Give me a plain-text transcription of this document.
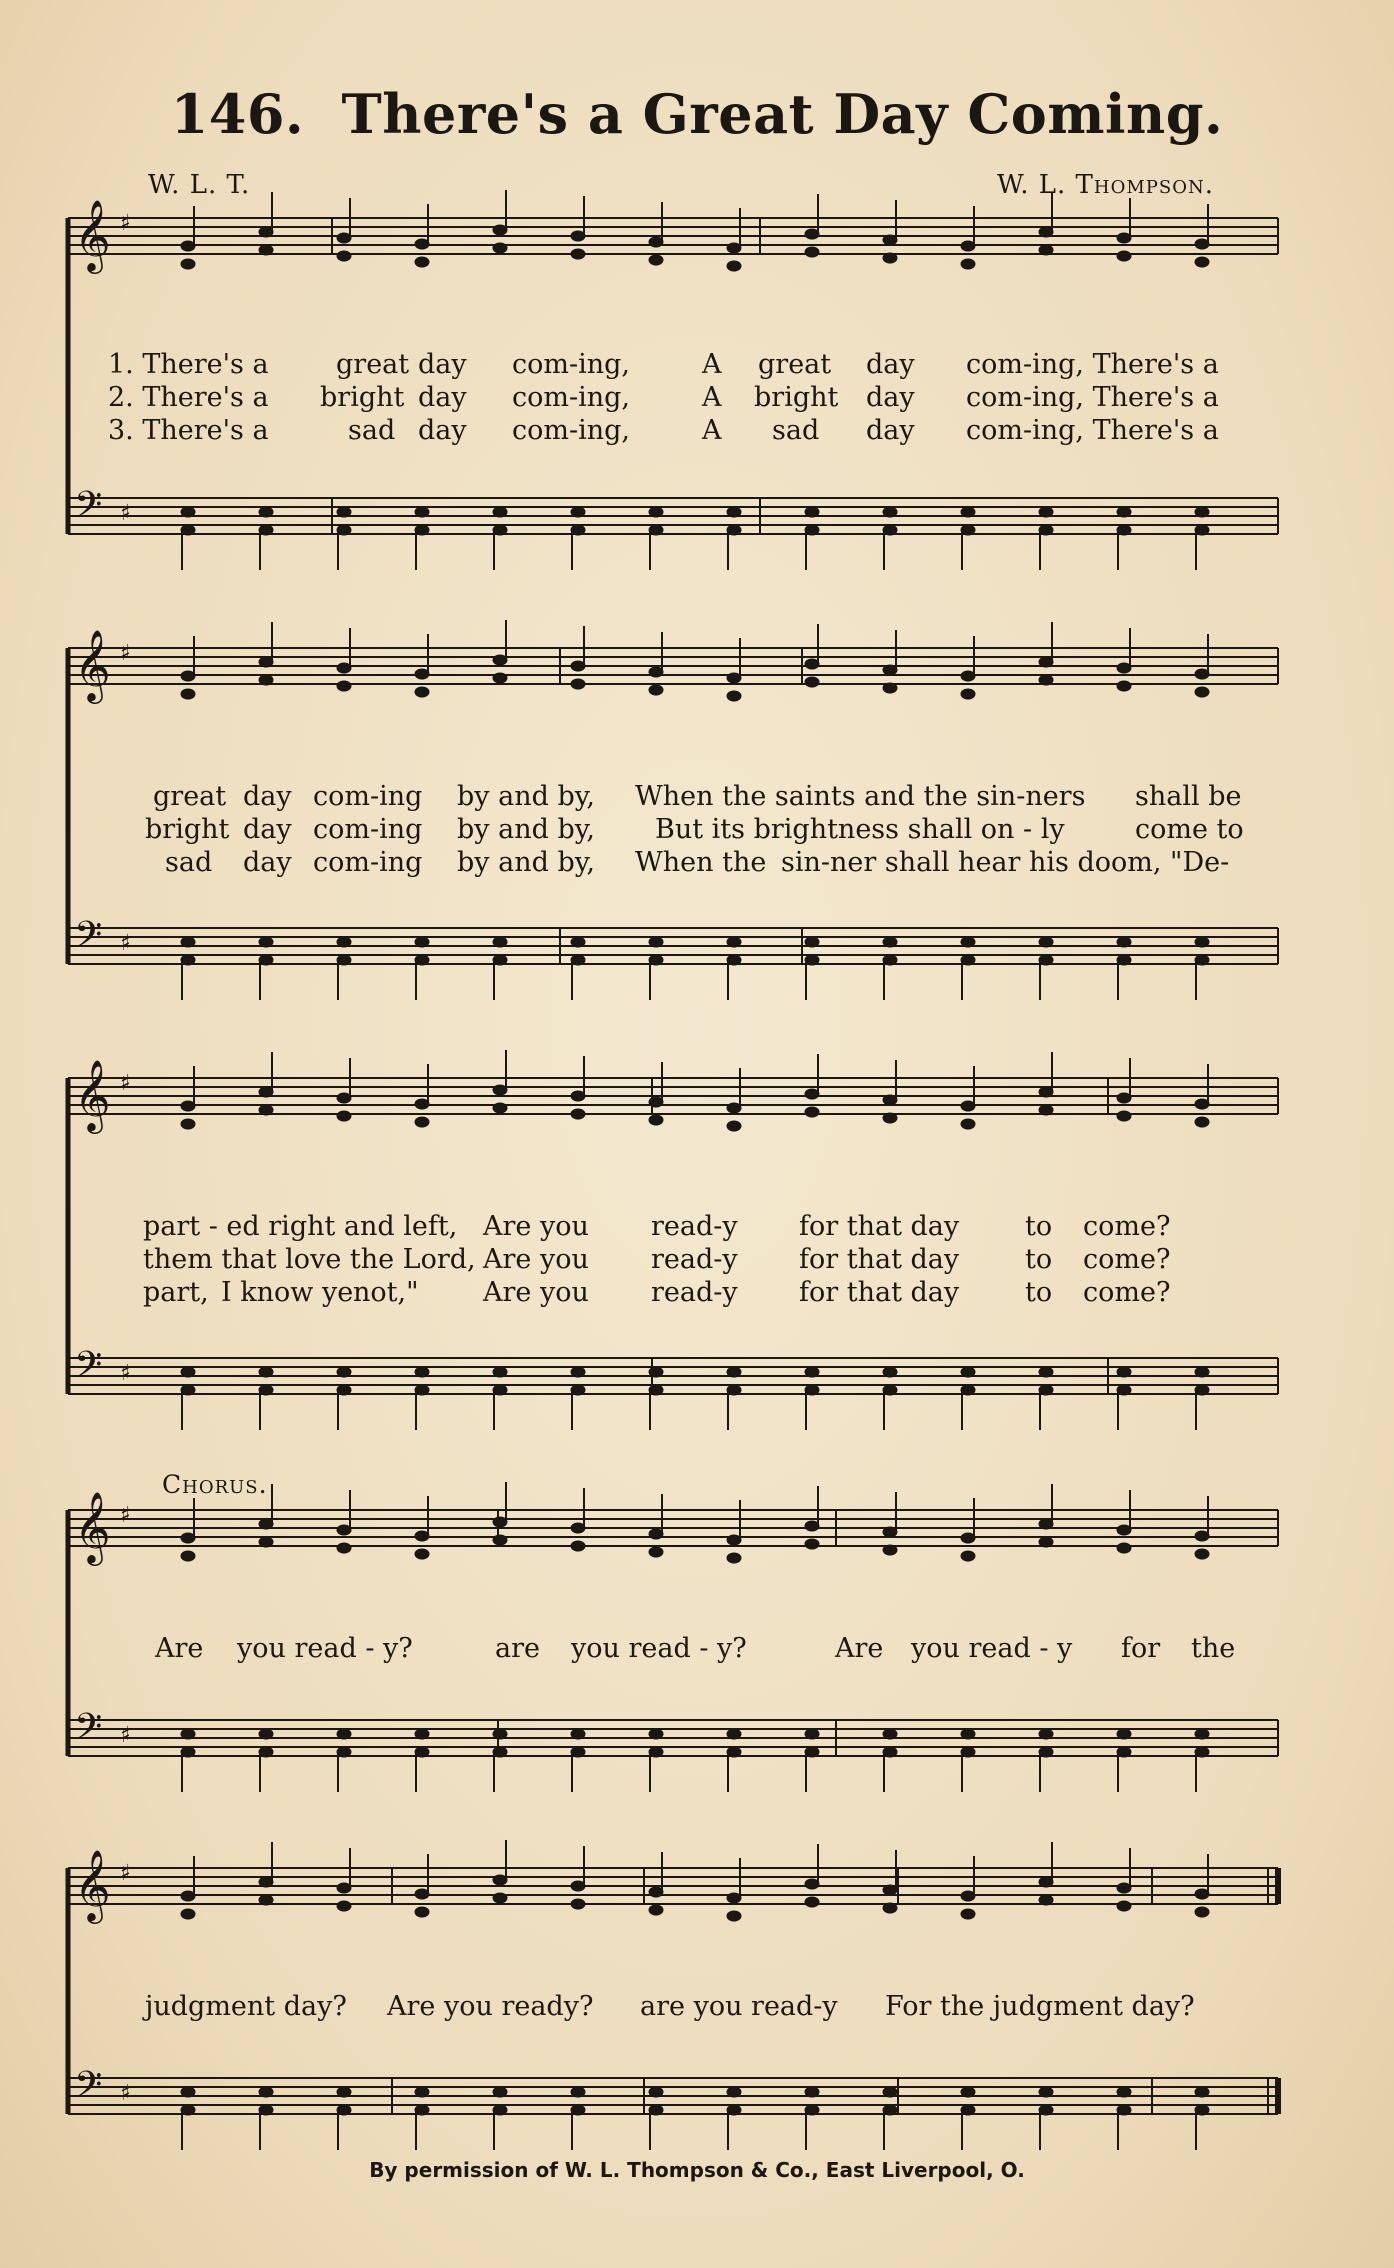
146. There's a Great Day Coming.
W. L. T.	W. L. Thompson.
𝄞 ♯
𝄢 ♯
𝄞 ♯
𝄢 ♯
𝄞 ♯
𝄢 ♯
𝄞 ♯
𝄢 ♯
𝄞 ♯
𝄢 ♯
1. There's a great day com-ing,	A great day com-ing, There's a
2. There's a bright day com-ing,	A bright day com-ing, There's a
3. There's a	sad day com-ing,	A sad day com-ing, There's a
great day com-ing by and by, When the saints and the sin-ners shall be
bright day com-ing by and by, But its brightness shall on - ly	come to
sad day com-ing by and by, When the sin-ner shall hear his doom, "De-
part - ed right and left, Are you read-y for that day to come?
them that love the Lord, Are you read-y for that day to come?
part, I know ye not," Are you read-y for that day to come?
Chorus.
Are you read - y?	are you read - y?	Are you read - y for the
judgment day? Are you ready? are you read-y For the judgment day?
By permission of W. L. Thompson & Co., East Liverpool, O.
